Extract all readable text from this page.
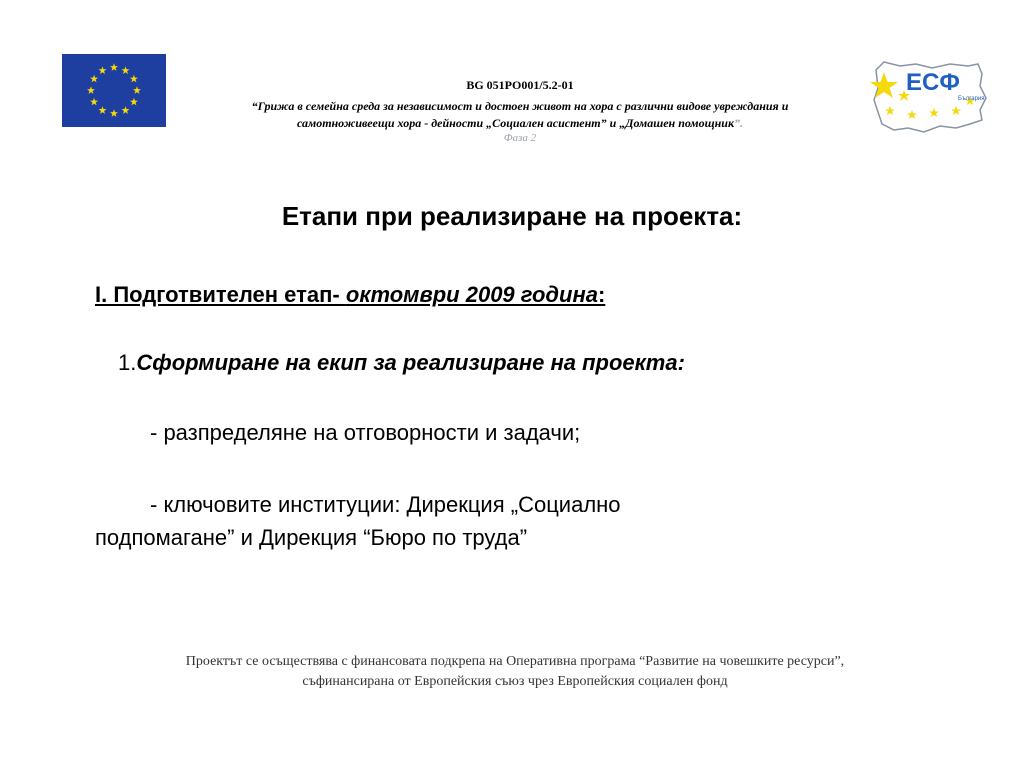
ЕСФ
България
BG 051PO001/5.2-01
“Грижа в семейна среда за независимост и достоен живот на хора с различни видове увреждания и
самотноживеещи хора - дейности „Социален асистент” и „Домашен помощник”.
Фаза 2
Етапи при реализиране на проекта:
I. Подготвителен етап- октомври 2009 година:
1.Сформиране на екип за реализиране на проекта:
- разпределяне на отговорности и задачи;
- ключовите институции: Дирекция „Социално
подпомагане” и Дирекция “Бюро по труда”
Проектът се осъществява с финансовата подкрепа на Оперативна програма “Развитие на човешките ресурси”,
съфинансирана от Европейския съюз чрез Европейския социален фонд
